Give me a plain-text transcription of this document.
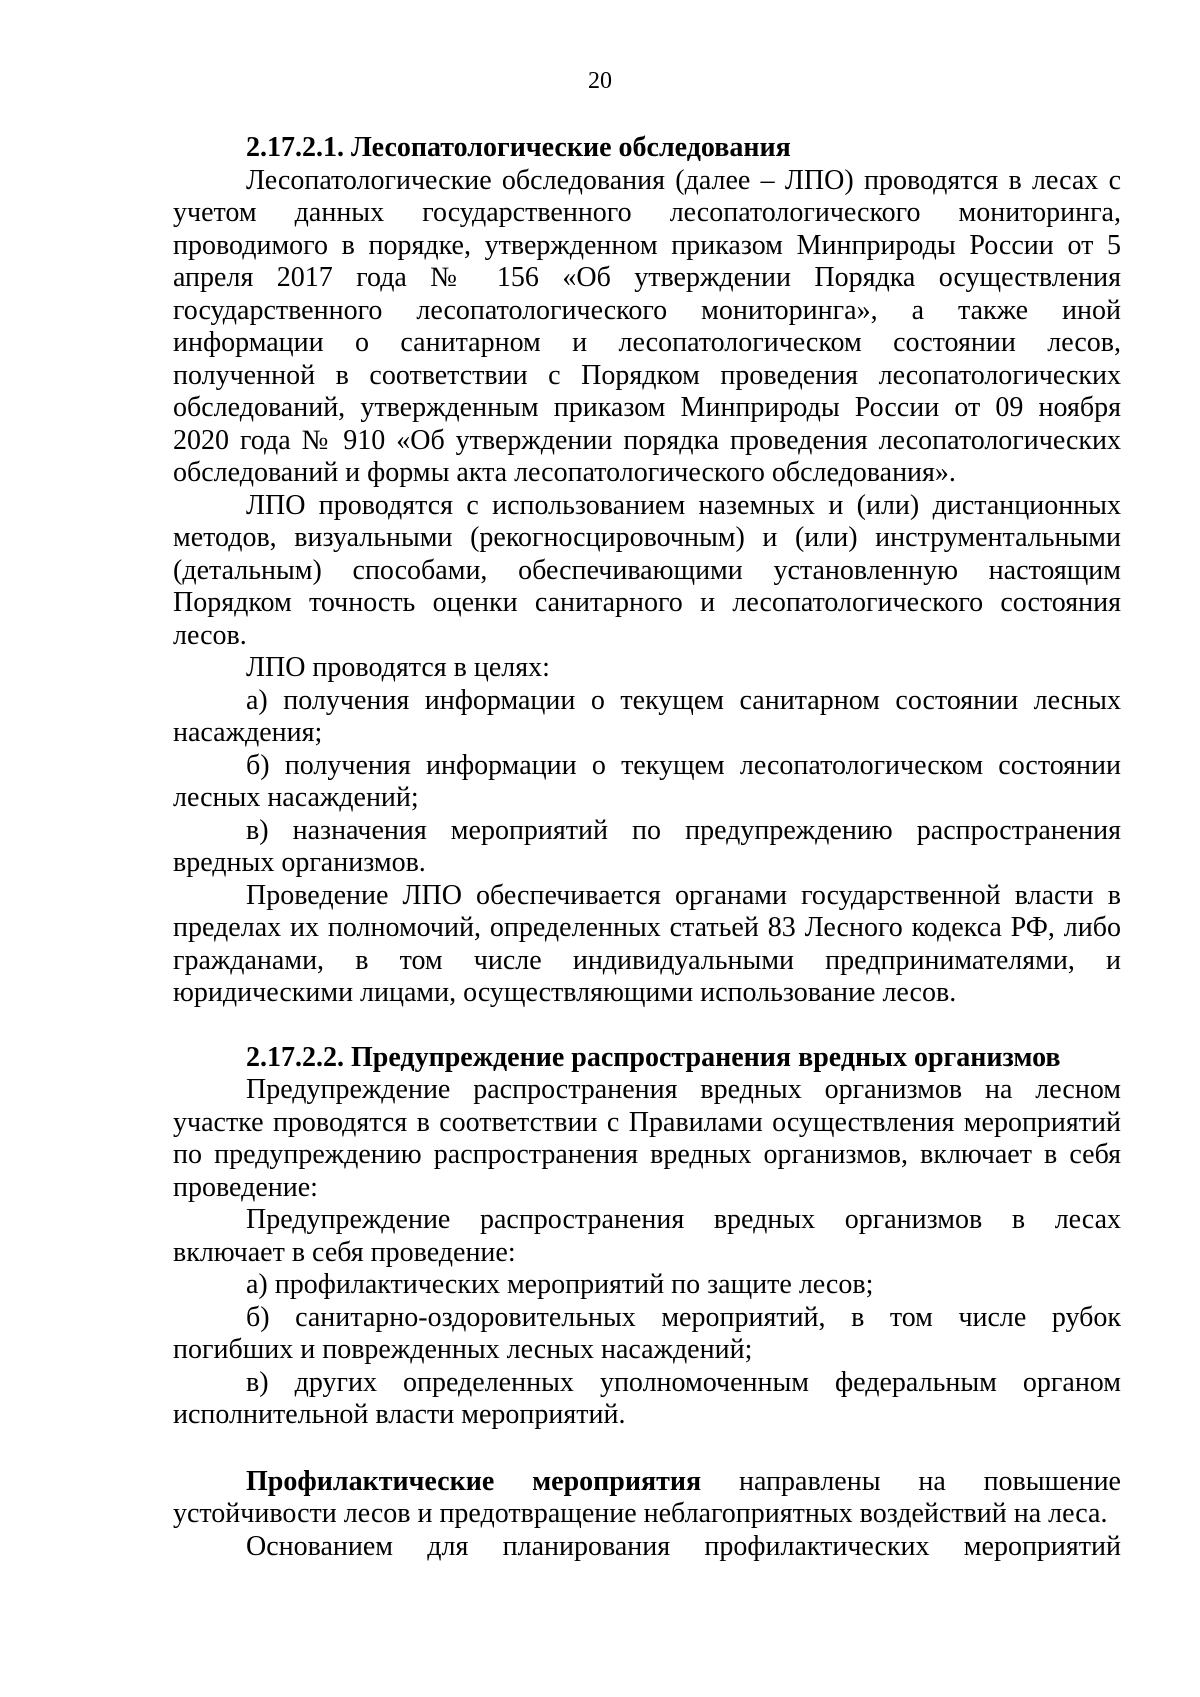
20

2.17.2.1. Лесопатологические обследования

Лесопатологические обследования (далее – ЛПО) проводятся в лесах с учетом данных государственного лесопатологического мониторинга, проводимого в порядке, утвержденном приказом Минприроды России от 5 апреля 2017 года № 156 «Об утверждении Порядка осуществления государственного лесопатологического мониторинга», а также иной информации о санитарном и лесопатологическом состоянии лесов, полученной в соответствии с Порядком проведения лесопатологических обследований, утвержденным приказом Минприроды России от 09 ноября 2020 года № 910 «Об утверждении порядка проведения лесопатологических обследований и формы акта лесопатологического обследования».

ЛПО проводятся с использованием наземных и (или) дистанционных методов, визуальными (рекогносцировочным) и (или) инструментальными (детальным) способами, обеспечивающими установленную настоящим Порядком точность оценки санитарного и лесопатологического состояния лесов.

ЛПО проводятся в целях:

а) получения информации о текущем санитарном состоянии лесных насаждения;

б) получения информации о текущем лесопатологическом состоянии лесных насаждений;

в) назначения мероприятий по предупреждению распространения вредных организмов.

Проведение ЛПО обеспечивается органами государственной власти в пределах их полномочий, определенных статьей 83 Лесного кодекса РФ, либо гражданами, в том числе индивидуальными предпринимателями, и юридическими лицами, осуществляющими использование лесов.

2.17.2.2. Предупреждение распространения вредных организмов

Предупреждение распространения вредных организмов на лесном участке проводятся в соответствии с Правилами осуществления мероприятий по предупреждению распространения вредных организмов, включает в себя проведение:

Предупреждение распространения вредных организмов в лесах включает в себя проведение:

а) профилактических мероприятий по защите лесов;

б) санитарно-оздоровительных мероприятий, в том числе рубок погибших и поврежденных лесных насаждений;

в) других определенных уполномоченным федеральным органом исполнительной власти мероприятий.

Профилактические мероприятия направлены на повышение устойчивости лесов и предотвращение неблагоприятных воздействий на леса.

Основанием для планирования профилактических мероприятий
